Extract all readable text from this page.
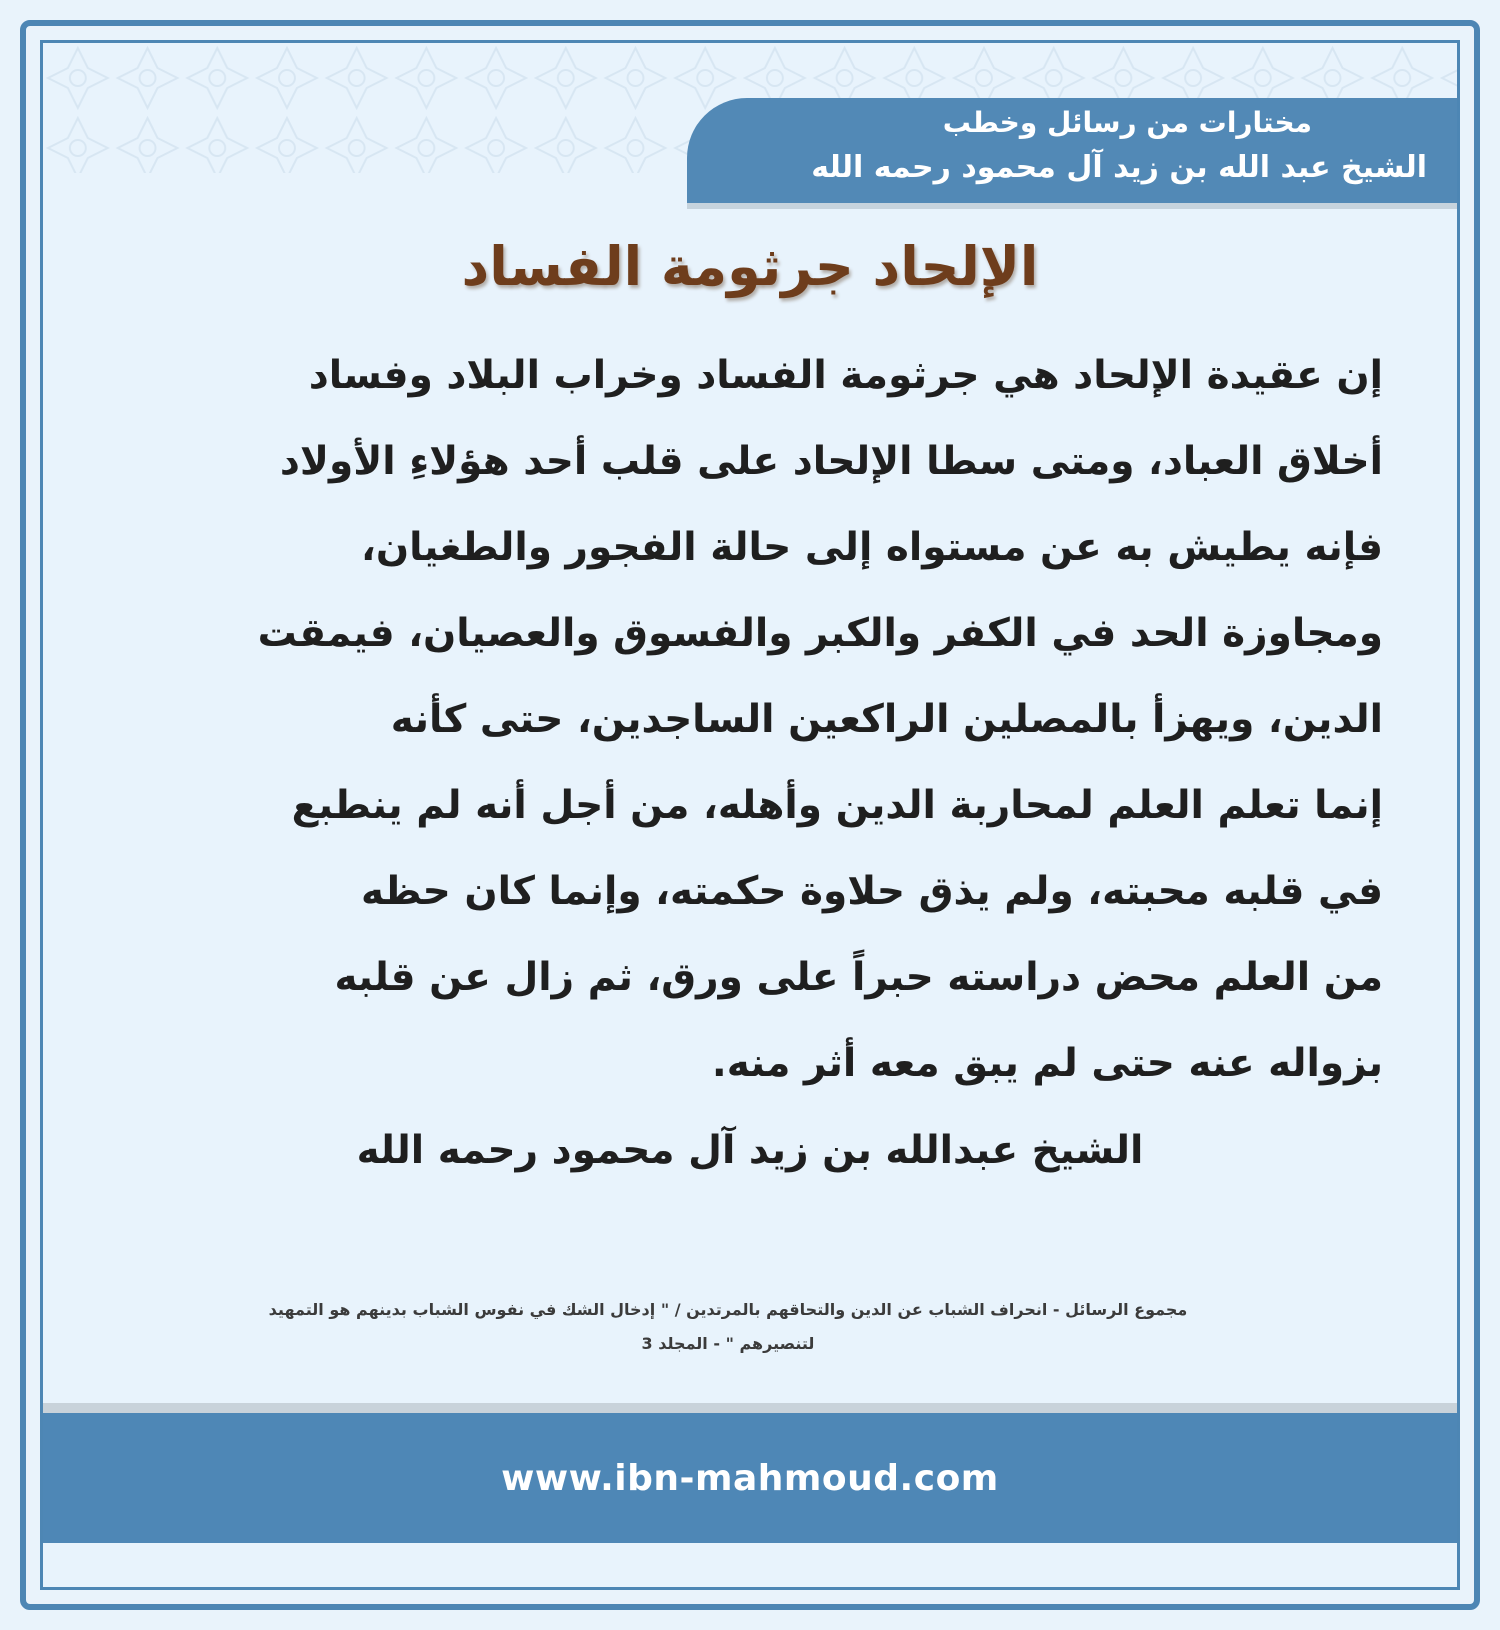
مختارات من رسائل وخطب
الشيخ عبد الله بن زيد آل محمود رحمه الله
الإلحاد جرثومة الفساد
إن عقيدة الإلحاد هي جرثومة الفساد وخراب البلاد وفساد
أخلاق العباد، ومتى سطا الإلحاد على قلب أحد هؤلاءِ الأولاد
فإنه يطيش به عن مستواه إلى حالة الفجور والطغيان،
ومجاوزة الحد في الكفر والكبر والفسوق والعصيان، فيمقت
الدين، ويهزأ بالمصلين الراكعين الساجدين، حتى كأنه
إنما تعلم العلم لمحاربة الدين وأهله، من أجل أنه لم ينطبع
في قلبه محبته، ولم يذق حلاوة حكمته، وإنما كان حظه
من العلم محض دراسته حبراً على ورق، ثم زال عن قلبه
بزواله عنه حتى لم يبق معه أثر منه.
الشيخ عبدالله بن زيد آل محمود رحمه الله
مجموع الرسائل - انحراف الشباب عن الدين والتحاقهم بالمرتدين / " إدخال الشك في نفوس الشباب بدينهم هو التمهيد
لتنصيرهم " - المجلد 3
www.ibn-mahmoud.com
